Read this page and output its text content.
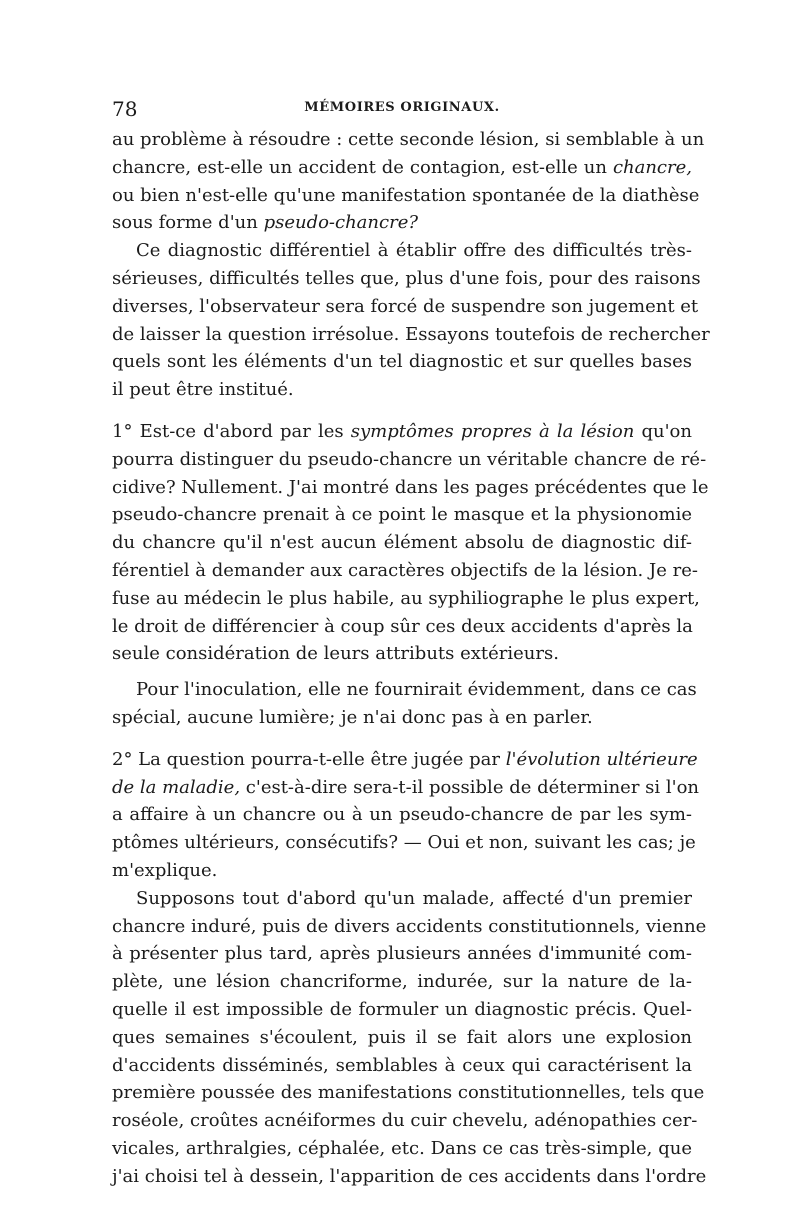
78	MÉMOIRES ORIGINAUX.
au problème à résoudre : cette seconde lésion, si semblable à un
chancre, est-elle un accident de contagion, est-elle un chancre,
ou bien n'est-elle qu'une manifestation spontanée de la diathèse
sous forme d'un pseudo-chancre?
Ce diagnostic différentiel à établir offre des difficultés très-
sérieuses, difficultés telles que, plus d'une fois, pour des raisons
diverses, l'observateur sera forcé de suspendre son jugement et
de laisser la question irrésolue. Essayons toutefois de rechercher
quels sont les éléments d'un tel diagnostic et sur quelles bases
il peut être institué.
1° Est-ce d'abord par les symptômes propres à la lésion qu'on
pourra distinguer du pseudo-chancre un véritable chancre de ré-
cidive? Nullement. J'ai montré dans les pages précédentes que le
pseudo-chancre prenait à ce point le masque et la physionomie
du chancre qu'il n'est aucun élément absolu de diagnostic dif-
férentiel à demander aux caractères objectifs de la lésion. Je re-
fuse au médecin le plus habile, au syphiliographe le plus expert,
le droit de différencier à coup sûr ces deux accidents d'après la
seule considération de leurs attributs extérieurs.
Pour l'inoculation, elle ne fournirait évidemment, dans ce cas
spécial, aucune lumière; je n'ai donc pas à en parler.
2° La question pourra-t-elle être jugée par l'évolution ultérieure
de la maladie, c'est-à-dire sera-t-il possible de déterminer si l'on
a affaire à un chancre ou à un pseudo-chancre de par les sym-
ptômes ultérieurs, consécutifs? — Oui et non, suivant les cas; je
m'explique.
Supposons tout d'abord qu'un malade, affecté d'un premier
chancre induré, puis de divers accidents constitutionnels, vienne
à présenter plus tard, après plusieurs années d'immunité com-
plète, une lésion chancriforme, indurée, sur la nature de la-
quelle il est impossible de formuler un diagnostic précis. Quel-
ques semaines s'écoulent, puis il se fait alors une explosion
d'accidents disséminés, semblables à ceux qui caractérisent la
première poussée des manifestations constitutionnelles, tels que
roséole, croûtes acnéiformes du cuir chevelu, adénopathies cer-
vicales, arthralgies, céphalée, etc. Dans ce cas très-simple, que
j'ai choisi tel à dessein, l'apparition de ces accidents dans l'ordre
